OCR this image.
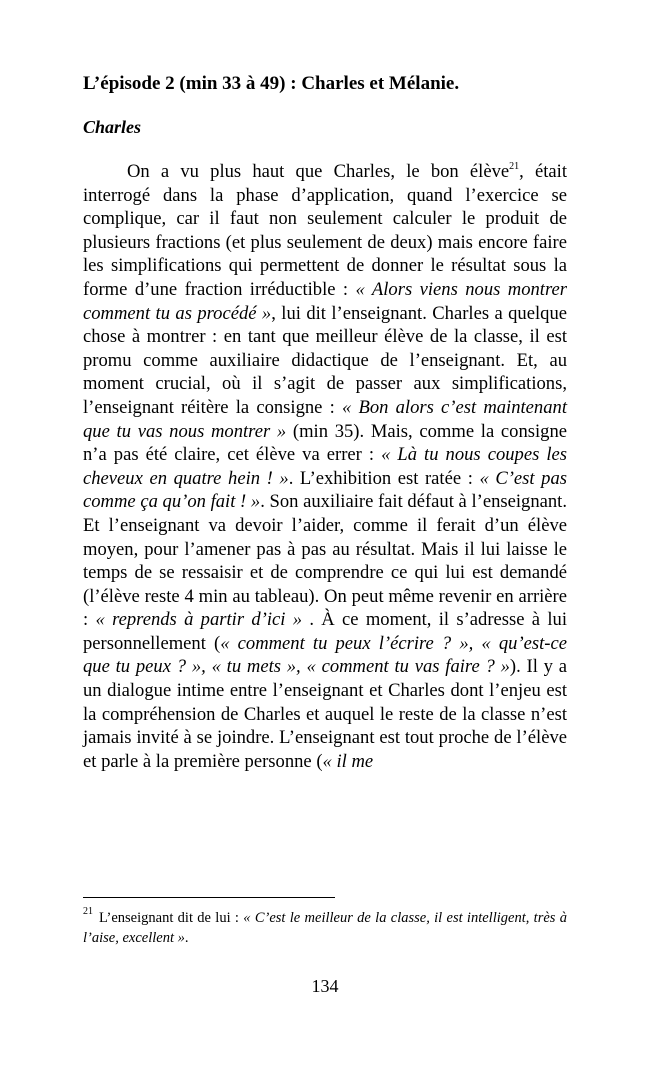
L’épisode 2 (min 33 à 49) : Charles et Mélanie.
Charles

On a vu plus haut que Charles, le bon élève$^{21}$, était interrogé dans la phase d’application, quand l’exercice se complique, car il faut non seulement calculer le produit de plusieurs fractions (et plus seulement de deux) mais encore faire les simplifications qui permettent de donner le résultat sous la forme d’une fraction irréductible : « Alors viens nous montrer comment tu as procédé », lui dit l’enseignant. Charles a quelque chose à montrer : en tant que meilleur élève de la classe, il est promu comme auxiliaire didactique de l’enseignant. Et, au moment crucial, où il s’agit de passer aux simplifications, l’enseignant réitère la consigne : « Bon alors c’est maintenant que tu vas nous montrer » (min 35). Mais, comme la consigne n’a pas été claire, cet élève va errer : « Là tu nous coupes les cheveux en quatre hein ! ». L’exhibition est ratée : « C’est pas comme ça qu’on fait ! ». Son auxiliaire fait défaut à l’enseignant. Et l’enseignant va devoir l’aider, comme il ferait d’un élève moyen, pour l’amener pas à pas au résultat. Mais il lui laisse le temps de se ressaisir et de comprendre ce qui lui est demandé (l’élève reste 4 min au tableau). On peut même revenir en arrière : « reprends à partir d’ici » . À ce moment, il s’adresse à lui personnellement (« comment tu peux l’écrire ? », « qu’est-ce que tu peux ? », « tu mets », « comment tu vas faire ? »). Il y a un dialogue intime entre l’enseignant et Charles dont l’enjeu est la compréhension de Charles et auquel le reste de la classe n’est jamais invité à se joindre. L’enseignant est tout proche de l’élève et parle à la première personne (« il me

$^{21}$ L’enseignant dit de lui : « C’est le meilleur de la classe, il est intelligent, très à l’aise, excellent ».
134
